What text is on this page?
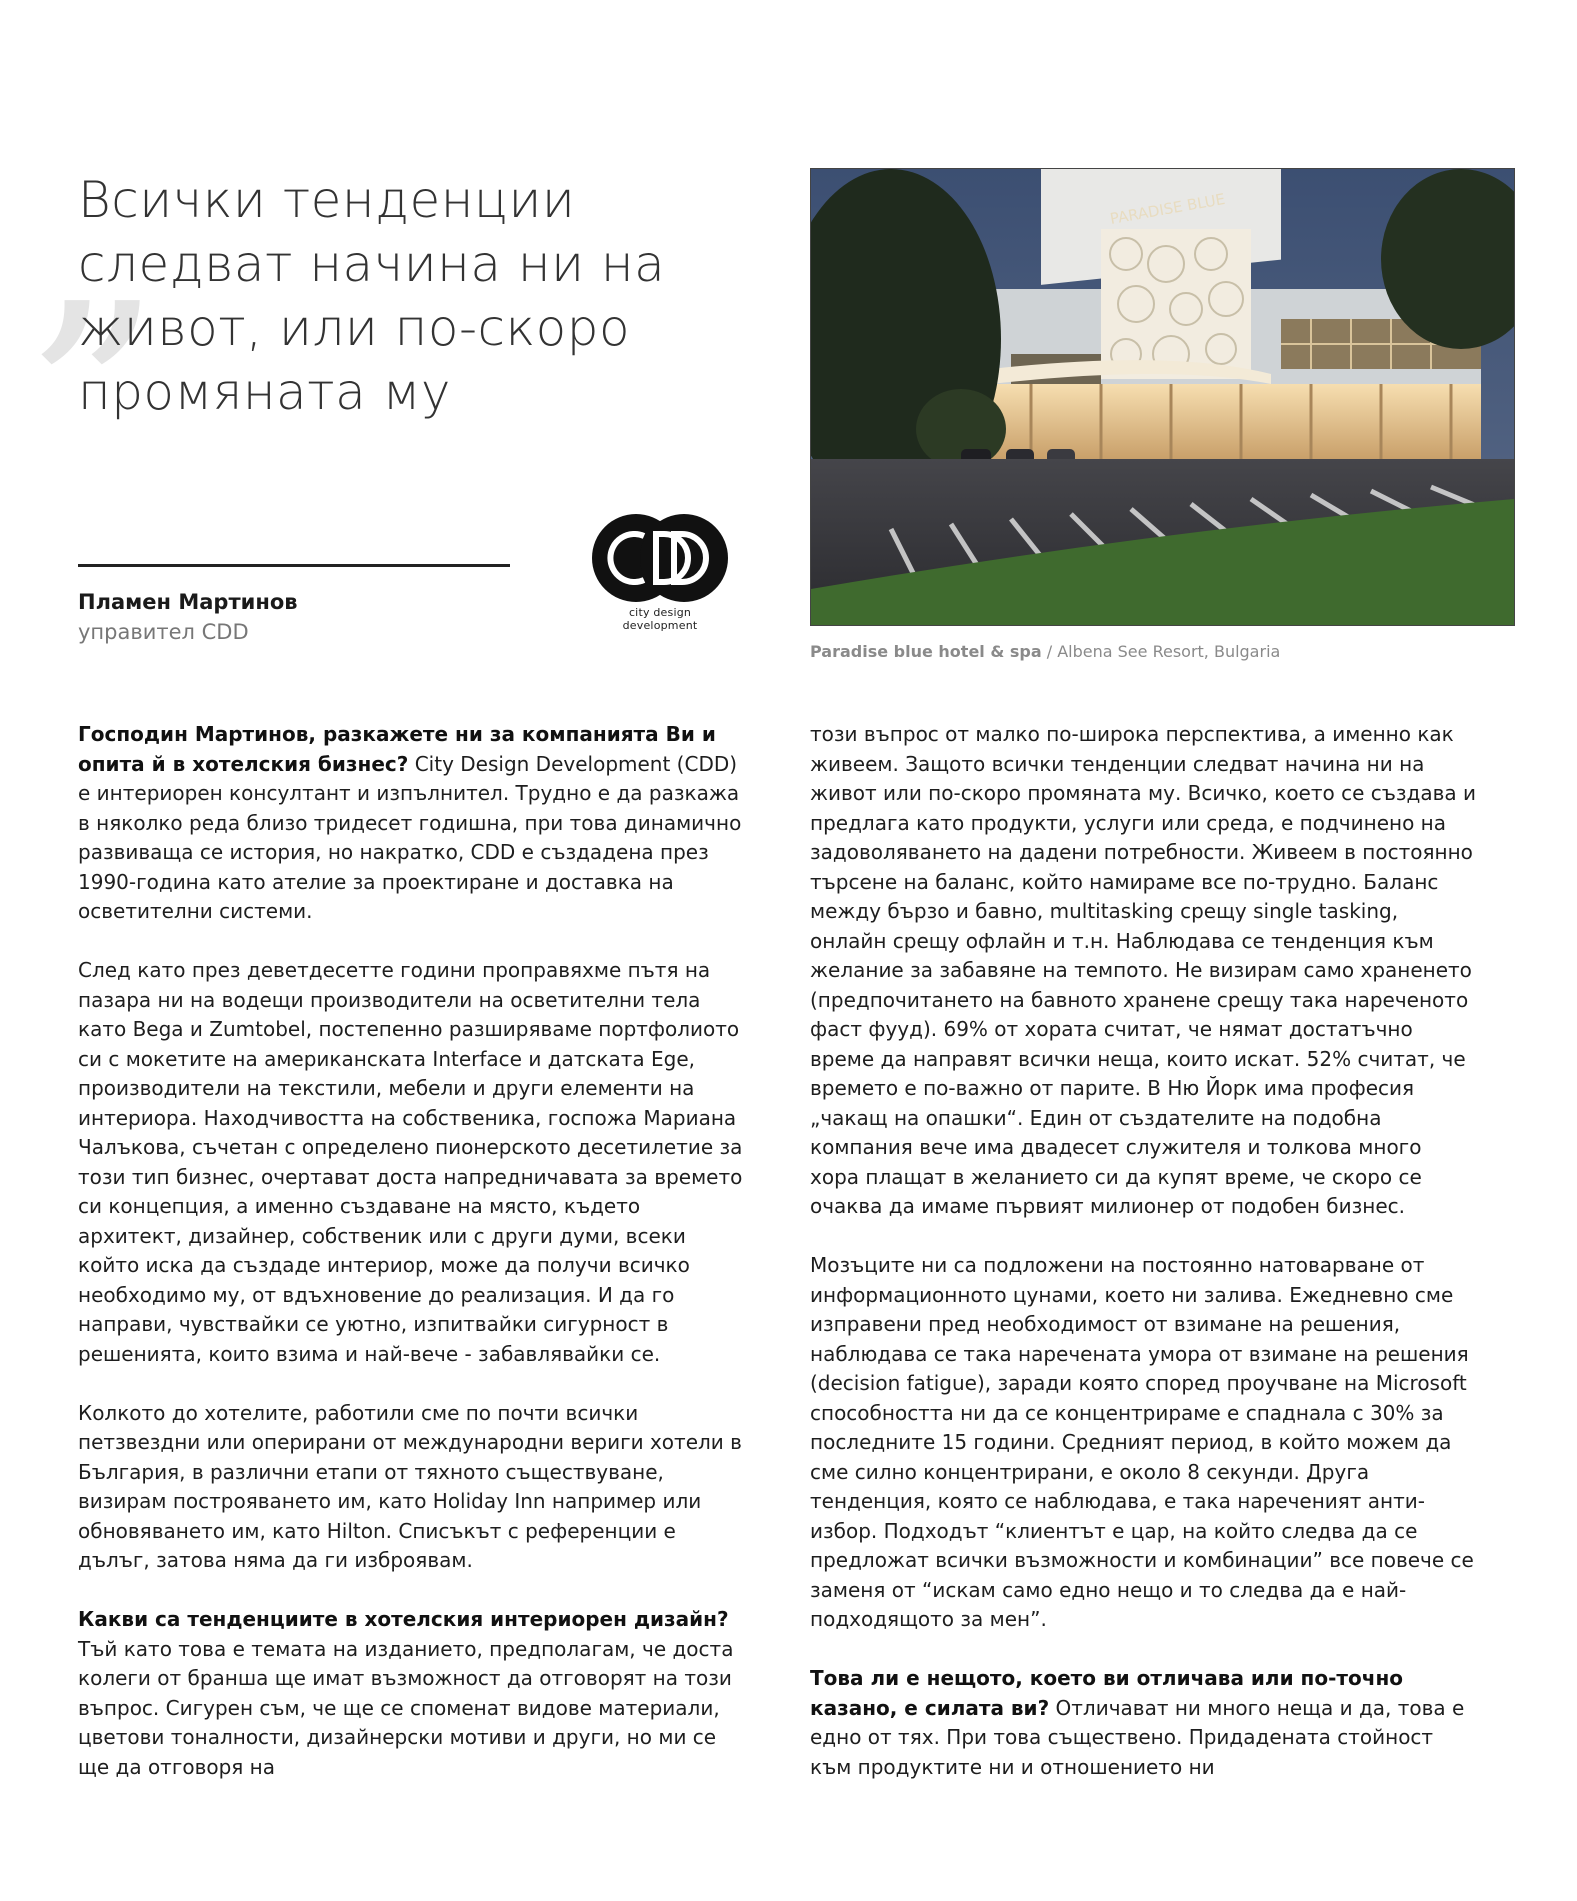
„
Всички тенденции следват начина ни на живот, или по-скоро промяната му
Пламен Мартинов
управител CDD
city design development
PARADISE BLUE
Paradise blue hotel & spa / Albena See Resort, Bulgaria

Господин Мартинов, разкажете ни за компанията Ви и опита й в хотелския бизнес? City Design Development (CDD) е интериорен консултант и изпълнител. Трудно е да разкажа в няколко реда близо тридесет годишна, при това динамично развиваща се история, но накратко, CDD е създадена през 1990-година като ателие за проектиране и доставка на осветителни системи.

След като през деветдесетте години проправяхме пътя на пазара ни на водещи производители на осветителни тела като Bega и Zumtobel, постепенно разширяваме портфолиото си с мокетите на американската Interface и датската Ege, производители на текстили, мебели и други елементи на интериора. Находчивостта на собственика, госпожа Мариана Чалъкова, съчетан с определено пионерското десетилетие за този тип бизнес, очертават доста напредничавата за времето си концепция, а именно създаване на място, където архитект, дизайнер, собственик или с други думи, всеки който иска да създаде интериор, може да получи всичко необходимо му, от вдъхновение до реализация. И да го направи, чувствайки се уютно, изпитвайки сигурност в решенията, които взима и най-вече - забавлявайки се.

Колкото до хотелите, работили сме по почти всички петзвездни или оперирани от международни вериги хотели в България, в различни етапи от тяхното съществуване, визирам построяването им, като Holiday Inn например или обновяването им, като Hilton. Списъкът с референции е дълъг, затова няма да ги изброявам.

Какви са тенденциите в хотелския интериорен дизайн? Тъй като това е темата на изданието, предполагам, че доста колеги от бранша ще имат възможност да отговорят на този въпрос. Сигурен съм, че ще се споменат видове материали, цветови тоналности, дизайнерски мотиви и други, но ми се ще да отговоря на

този въпрос от малко по-широка перспектива, а именно как живеем. Защото всички тенденции следват начина ни на живот или по-скоро промяната му. Всичко, което се създава и предлага като продукти, услуги или среда, е подчинено на задоволяването на дадени потребности. Живеем в постоянно търсене на баланс, който намираме все по-трудно. Баланс между бързо и бавно, multitasking срещу single tasking, онлайн срещу офлайн и т.н. Наблюдава се тенденция към желание за забавяне на темпото. Не визирам само храненето (предпочитането на бавното хранене срещу така нареченото фаст фууд). 69% от хората считат, че нямат достатъчно време да направят всички неща, които искат. 52% считат, че времето е по-важно от парите. В Ню Йорк има професия „чакащ на опашки“. Един от създателите на подобна компания вече има двадесет служителя и толкова много хора плащат в желанието си да купят време, че скоро се очаква да имаме първият милионер от подобен бизнес.

Мозъците ни са подложени на постоянно натоварване от информационното цунами, което ни залива. Ежедневно сме изправени пред необходимост от взимане на решения, наблюдава се така наречената умора от взимане на решения (decision fatigue), заради която според проучване на Microsoft способността ни да се концентрираме е спаднала с 30% за последните 15 години. Средният период, в който можем да сме силно концентрирани, е около 8 секунди. Друга тенденция, която се наблюдава, е така нареченият анти-избор. Подходът “клиентът е цар, на който следва да се предложат всички възможности и комбинации” все повече се заменя от “искам само едно нещо и то следва да е най-подходящото за мен”.

Това ли е нещото, което ви отличава или по-точно казано, е силата ви? Отличават ни много неща и да, това е едно от тях. При това съществено. Придадената стойност към продуктите ни и отношението ни
